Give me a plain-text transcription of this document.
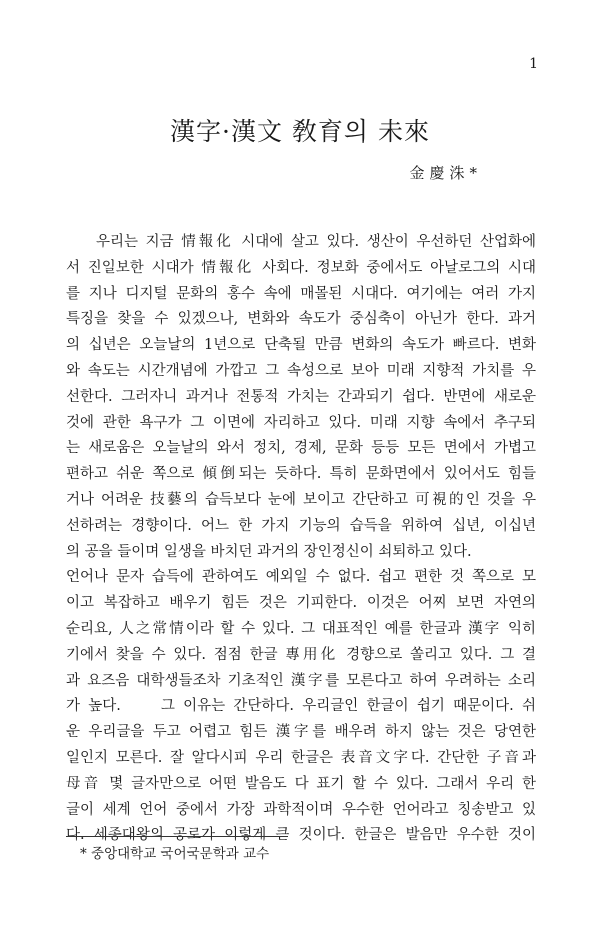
1
漢字·漢文 敎育의 未來
金慶洙*
우리는 지금 情報化 시대에 살고 있다. 생산이 우선하던 산업화에
서 진일보한 시대가 情報化 사회다. 정보화 중에서도 아날로그의 시대
를 지나 디지털 문화의 홍수 속에 매몰된 시대다. 여기에는 여러 가지
특징을 찾을 수 있겠으나, 변화와 속도가 중심축이 아닌가 한다. 과거
의 십년은 오늘날의 1년으로 단축될 만큼 변화의 속도가 빠르다. 변화
와 속도는 시간개념에 가깝고 그 속성으로 보아 미래 지향적 가치를 우
선한다. 그러자니 과거나 전통적 가치는 간과되기 쉽다. 반면에 새로운
것에 관한 욕구가 그 이면에 자리하고 있다. 미래 지향 속에서 추구되
는 새로움은 오늘날의 와서 정치, 경제, 문화 등등 모든 면에서 가볍고
편하고 쉬운 쪽으로 傾倒되는 듯하다. 특히 문화면에서 있어서도 힘들
거나 어려운 技藝의 습득보다 눈에 보이고 간단하고 可視的인 것을 우
선하려는 경향이다. 어느 한 가지 기능의 습득을 위하여 십년, 이십년
의 공을 들이며 일생을 바치던 과거의 장인정신이 쇠퇴하고 있다.
언어나 문자 습득에 관하여도 예외일 수 없다. 쉽고 편한 것 쪽으로 모
이고 복잡하고 배우기 힘든 것은 기피한다. 이것은 어찌 보면 자연의
순리요, 人之常情이라 할 수 있다. 그 대표적인 예를 한글과 漢字 익히
기에서 찾을 수 있다. 점점 한글 專用化 경향으로 쏠리고 있다. 그 결
과 요즈음 대학생들조차 기초적인 漢字를 모른다고 하여 우려하는 소리
가 높다.　　그 이유는 간단하다. 우리글인 한글이 쉽기 때문이다. 쉬
운 우리글을 두고 어렵고 힘든 漢字를 배우려 하지 않는 것은 당연한
일인지 모른다. 잘 알다시피 우리 한글은 表音文字다. 간단한 子音과
母音 몇 글자만으로 어떤 발음도 다 표기 할 수 있다. 그래서 우리 한
글이 세계 언어 중에서 가장 과학적이며 우수한 언어라고 칭송받고 있
다. 세종대왕의 공로가 이렇게 큰 것이다. 한글은 발음만 우수한 것이
* 중앙대학교 국어국문학과 교수
